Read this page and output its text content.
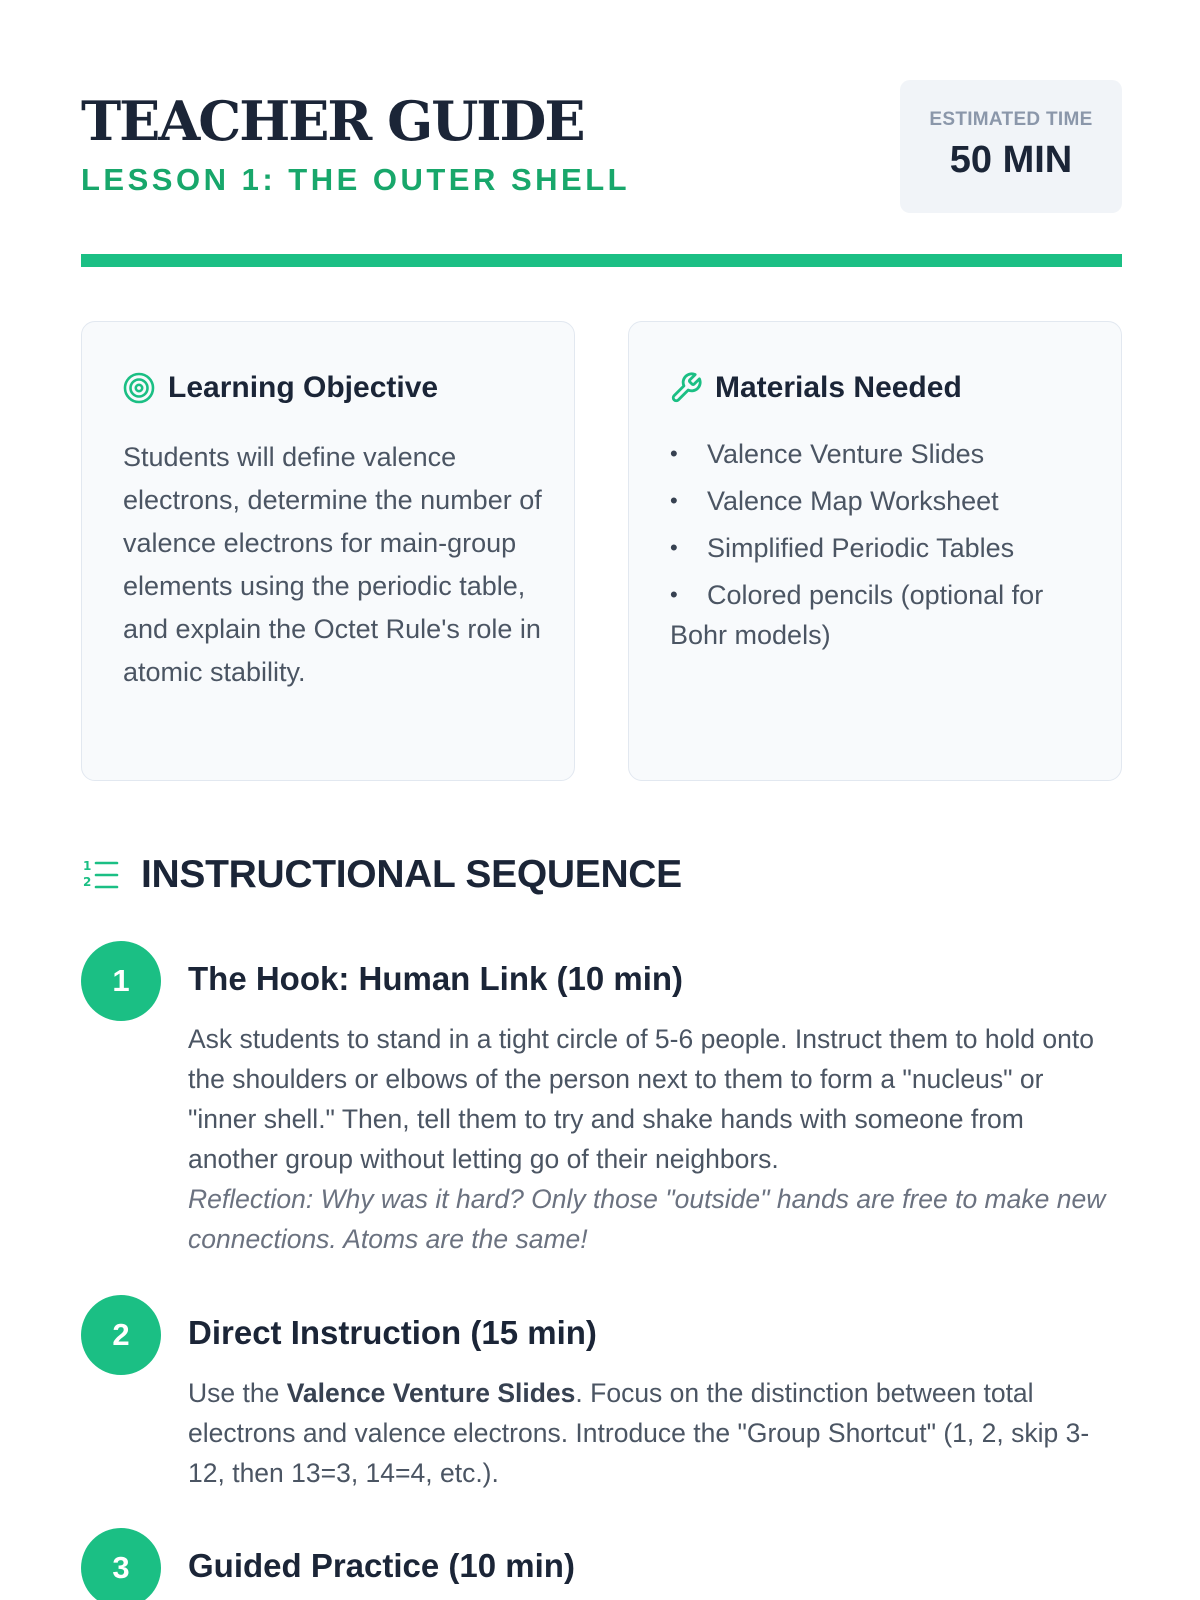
TEACHER GUIDE
LESSON 1: THE OUTER SHELL
ESTIMATED TIME
50 MIN
Learning Objective

Students will define valence electrons, determine the number of valence electrons for main-group elements using the periodic table, and explain the Octet Rule's role in atomic stability.

Materials Needed
• Valence Venture Slides
• Valence Map Worksheet
• Simplified Periodic Tables
• Colored pencils (optional for Bohr models)
1
2 INSTRUCTIONAL SEQUENCE
1	The Hook: Human Link (10 min)
Ask students to stand in a tight circle of 5-6 people. Instruct them to hold onto the shoulders or elbows of the person next to them to form a "nucleus" or "inner shell." Then, tell them to try and shake hands with someone from another group without letting go of their neighbors.
Reflection: Why was it hard? Only those "outside" hands are free to make new connections. Atoms are the same!
2	Direct Instruction (15 min)
Use the Valence Venture Slides. Focus on the distinction between total electrons and valence electrons. Introduce the "Group Shortcut" (1, 2, skip 3-12, then 13=3, 14=4, etc.).
3	Guided Practice (10 min)
